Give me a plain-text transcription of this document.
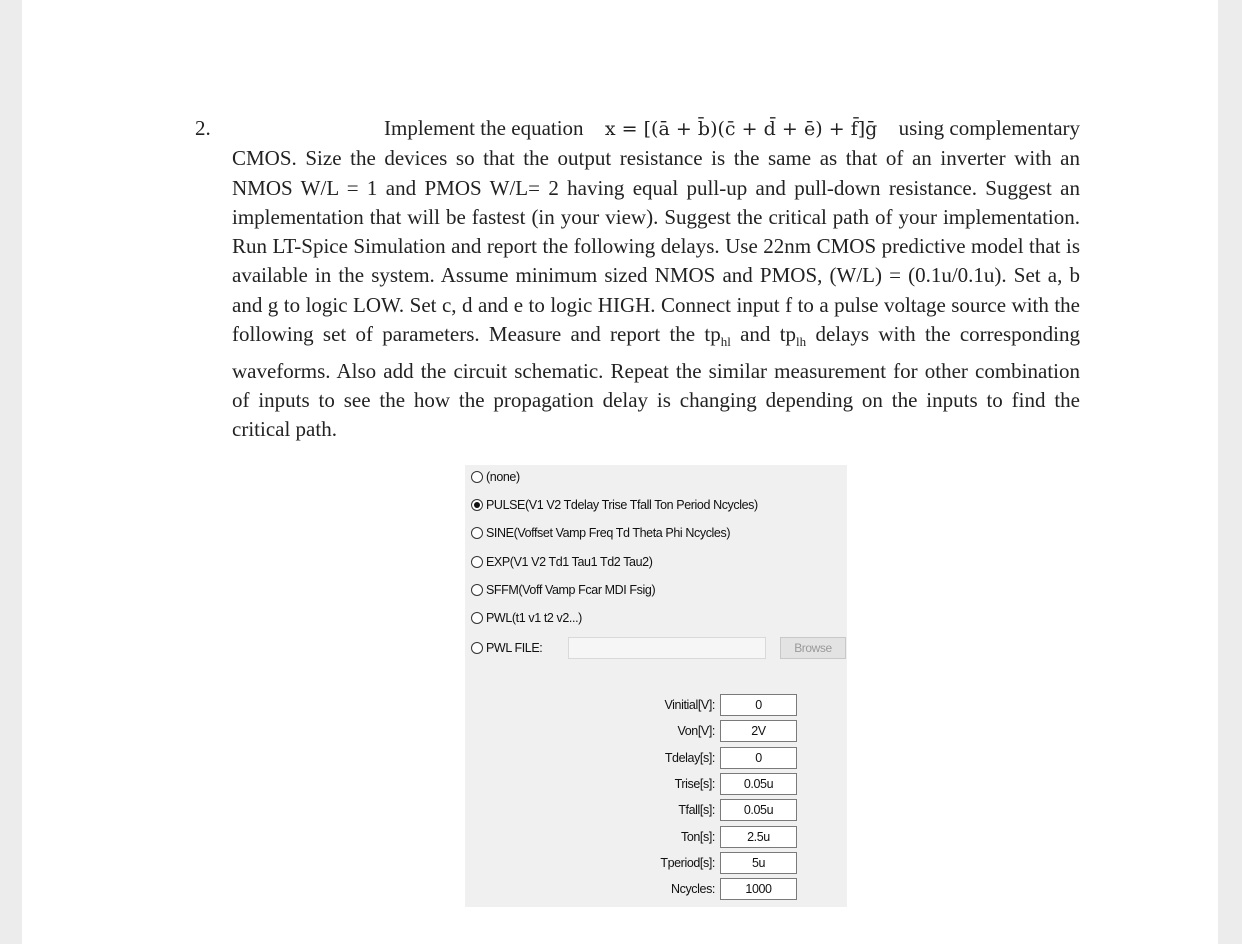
2.	Implement the equation x = [(ā + b̄)(c̄ + d̄ + ē) + f̄]ḡ using complementary CMOS. Size the devices so that the output resistance is the same as that of an inverter with an NMOS W/L = 1 and PMOS W/L= 2 having equal pull-up and pull-down resistance. Suggest an implementation that will be fastest (in your view). Suggest the critical path of your implementation. Run LT-Spice Simulation and report the following delays. Use 22nm CMOS predictive model that is available in the system. Assume minimum sized NMOS and PMOS, (W/L) = (0.1u/0.1u). Set a, b and g to logic LOW. Set c, d and e to logic HIGH. Connect input f to a pulse voltage source with the following set of parameters. Measure and report the $tp_{hl}$ and $tp_{lh}$ delays with the corresponding waveforms. Also add the circuit schematic. Repeat the similar measurement for other combination of inputs to see the how the propagation delay is changing depending on the inputs to find the critical path.
(none)
PULSE(V1 V2 Tdelay Trise Tfall Ton Period Ncycles)
SINE(Voffset Vamp Freq Td Theta Phi Ncycles)
EXP(V1 V2 Td1 Tau1 Td2 Tau2)
SFFM(Voff Vamp Fcar MDI Fsig)
PWL(t1 v1 t2 v2...)
PWL FILE:	Browse
Vinitial[V]:	0
Von[V]:	2V
Tdelay[s]:	0
Trise[s]:	0.05u
Tfall[s]:	0.05u
Ton[s]:	2.5u
Tperiod[s]:	5u
Ncycles:	1000
